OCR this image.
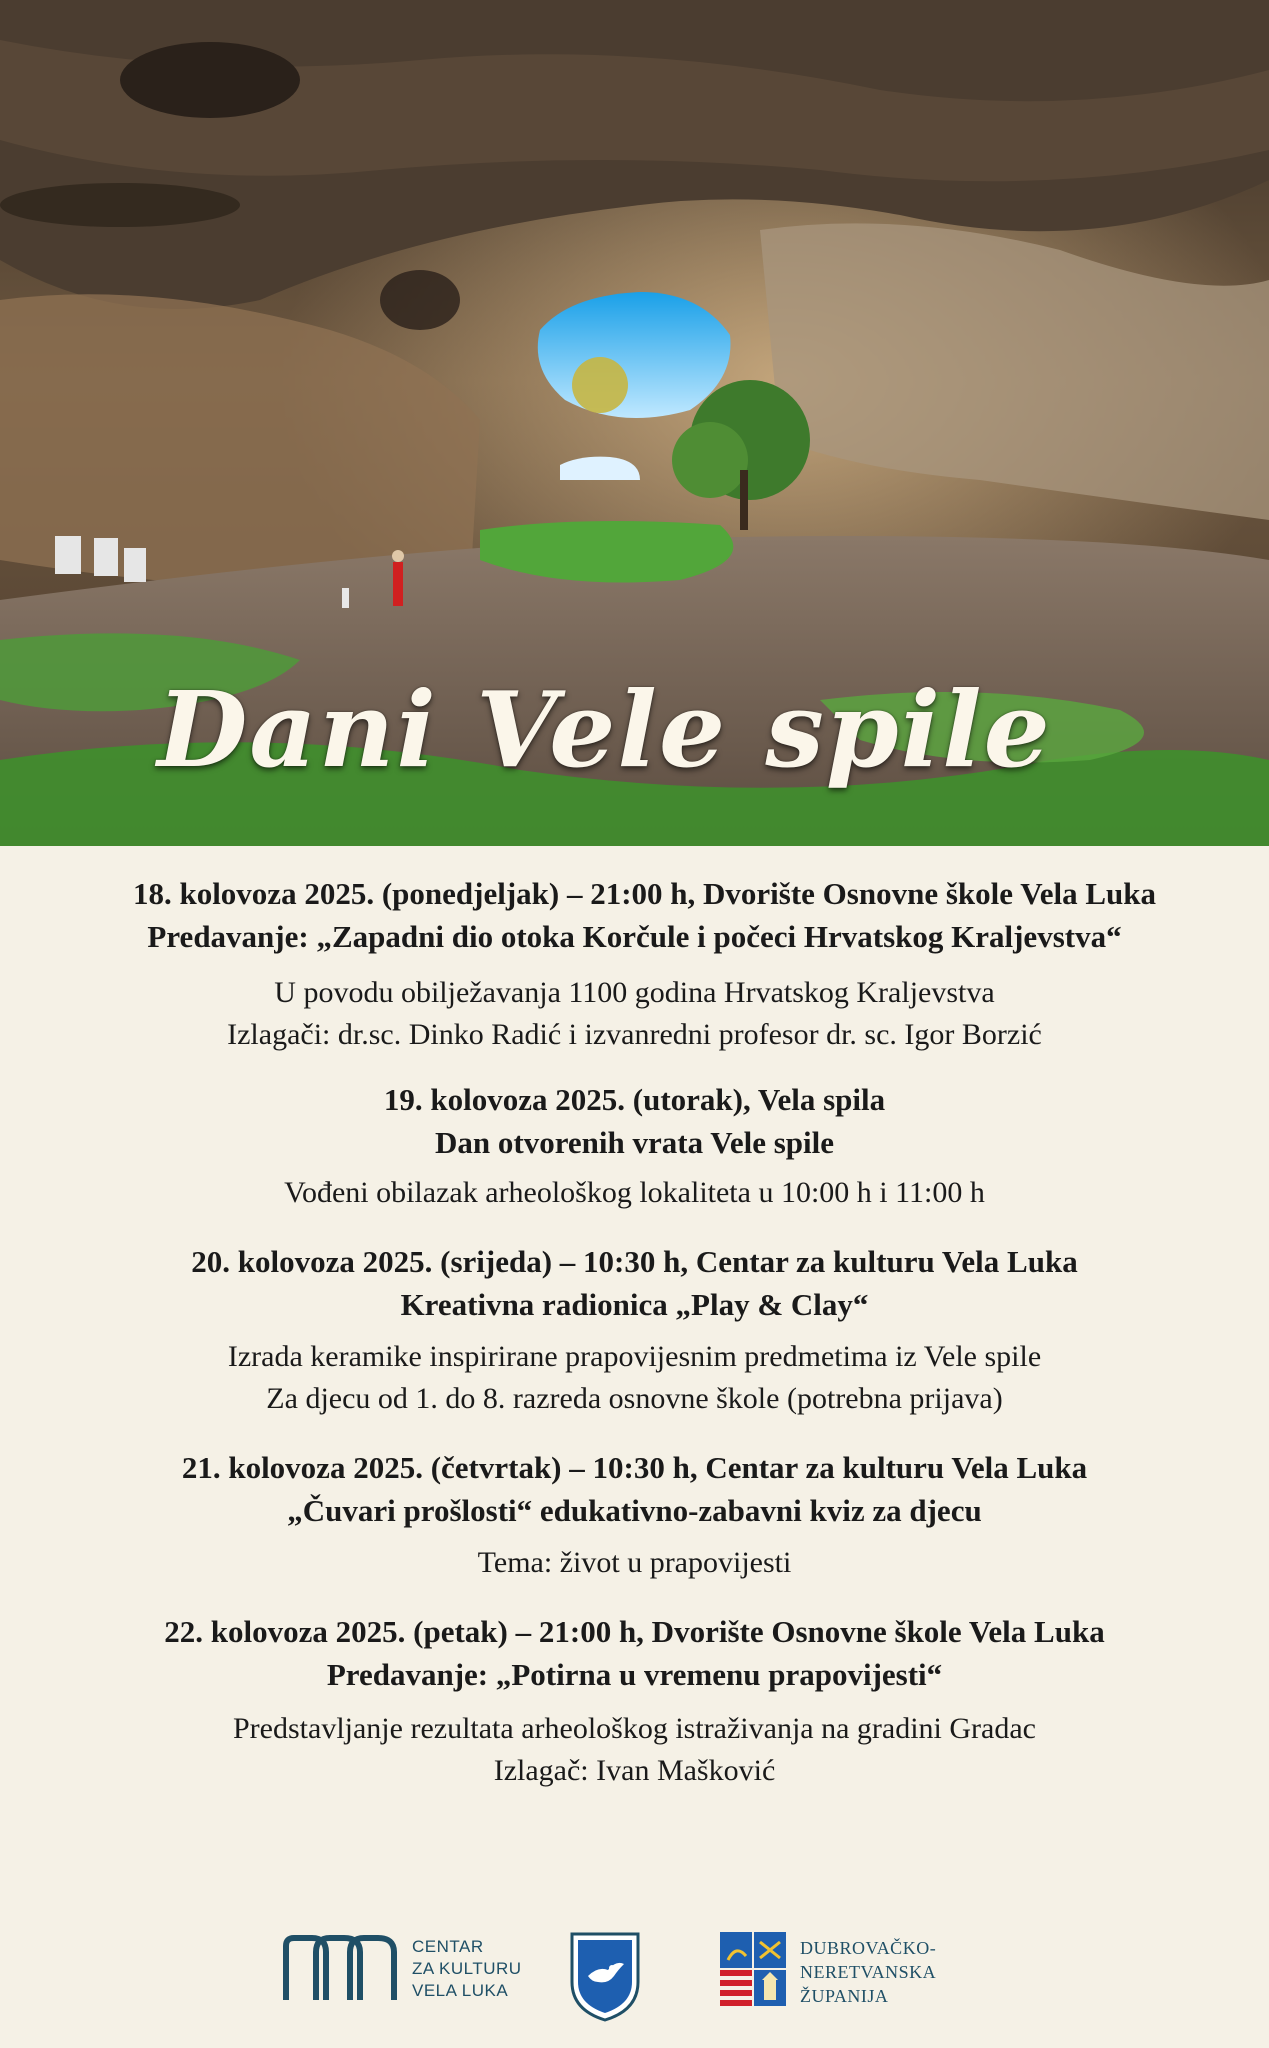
Dani Vele spile
18. kolovoza 2025. (ponedjeljak) – 21:00 h, Dvorište Osnovne škole Vela Luka
Predavanje: „Zapadni dio otoka Korčule i počeci Hrvatskog Kraljevstva“
U povodu obilježavanja 1100 godina Hrvatskog Kraljevstva
Izlagači: dr.sc. Dinko Radić i izvanredni profesor dr. sc. Igor Borzić
19. kolovoza 2025. (utorak), Vela spila
Dan otvorenih vrata Vele spile
Vođeni obilazak arheološkog lokaliteta u 10:00 h i 11:00 h
20. kolovoza 2025. (srijeda) – 10:30 h, Centar za kulturu Vela Luka
Kreativna radionica „Play & Clay“
Izrada keramike inspirirane prapovijesnim predmetima iz Vele spile
Za djecu od 1. do 8. razreda osnovne škole (potrebna prijava)
21. kolovoza 2025. (četvrtak) – 10:30 h, Centar za kulturu Vela Luka
„Čuvari prošlosti“ edukativno-zabavni kviz za djecu
Tema: život u prapovijesti
22. kolovoza 2025. (petak) – 21:00 h, Dvorište Osnovne škole Vela Luka
Predavanje: „Potirna u vremenu prapovijesti“
Predstavljanje rezultata arheološkog istraživanja na gradini Gradac
Izlagač: Ivan Mašković
CENTAR
ZA KULTURU
VELA LUKA
DUBROVAČKO-
NERETVANSKA
ŽUPANIJA
